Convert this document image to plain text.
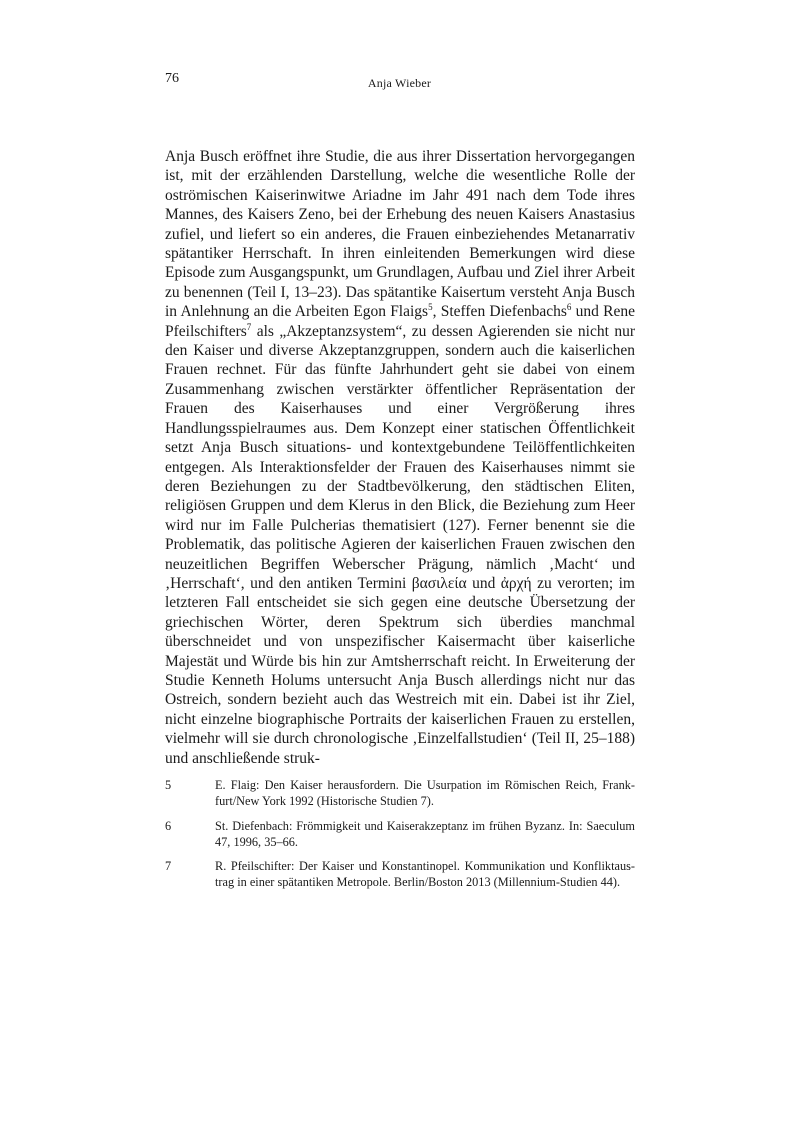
76	Anja Wieber

Anja Busch eröffnet ihre Studie, die aus ihrer Dissertation hervorgegangen ist, mit der erzählenden Darstellung, welche die wesentliche Rolle der oströmischen Kaiserinwitwe Ariadne im Jahr 491 nach dem Tode ihres Mannes, des Kaisers Zeno, bei der Erhebung des neuen Kaisers Anastasius zufiel, und liefert so ein anderes, die Frauen einbeziehendes Metanarrativ spätantiker Herrschaft. In ihren einleitenden Bemerkungen wird diese Episode zum Ausgangspunkt, um Grundlagen, Aufbau und Ziel ihrer Arbeit zu benennen (Teil I, 13–23). Das spätantike Kaisertum versteht Anja Busch in Anlehnung an die Arbeiten Egon Flaigs$^5$, Steffen Diefenbachs$^6$ und Rene Pfeilschifters$^7$ als „Akzeptanzsystem“, zu dessen Agierenden sie nicht nur den Kaiser und diverse Akzeptanzgruppen, sondern auch die kaiserlichen Frauen rechnet. Für das fünfte Jahrhundert geht sie dabei von einem Zusammenhang zwischen verstärkter öffentlicher Repräsentation der Frauen des Kaiserhauses und einer Vergrößerung ihres Handlungsspielraumes aus. Dem Konzept einer statischen Öffentlichkeit setzt Anja Busch situations- und kontextgebundene Teilöffentlichkeiten entgegen. Als Interaktionsfelder der Frauen des Kaiserhauses nimmt sie deren Beziehungen zu der Stadtbevölkerung, den städtischen Eliten, religiösen Gruppen und dem Klerus in den Blick, die Beziehung zum Heer wird nur im Falle Pulcherias thematisiert (127). Ferner benennt sie die Problematik, das politische Agieren der kaiserlichen Frauen zwischen den neuzeitlichen Begriffen Weberscher Prägung, nämlich ‚Macht‘ und ‚Herrschaft‘, und den antiken Termini βασιλεία und ἀρχή zu verorten; im letzteren Fall entscheidet sie sich gegen eine deutsche Übersetzung der griechischen Wörter, deren Spektrum sich überdies manchmal überschneidet und von unspezifischer Kaisermacht über kaiserliche Majestät und Würde bis hin zur Amtsherrschaft reicht. In Erweiterung der Studie Kenneth Holums untersucht Anja Busch allerdings nicht nur das Ostreich, sondern bezieht auch das Westreich mit ein. Dabei ist ihr Ziel, nicht einzelne biographische Portraits der kaiserlichen Frauen zu erstellen, vielmehr will sie durch chronologische ‚Einzelfallstudien‘ (Teil II, 25–188) und anschließende struk-

5	E. Flaig: Den Kaiser herausfordern. Die Usurpation im Römischen Reich, Frankfurt/New York 1992 (Historische Studien 7).
6	St. Diefenbach: Frömmigkeit und Kaiserakzeptanz im frühen Byzanz. In: Saeculum 47, 1996, 35–66.
7	R. Pfeilschifter: Der Kaiser und Konstantinopel. Kommunikation und Konfliktaustrag in einer spätantiken Metropole. Berlin/Boston 2013 (Millennium-Studien 44).
